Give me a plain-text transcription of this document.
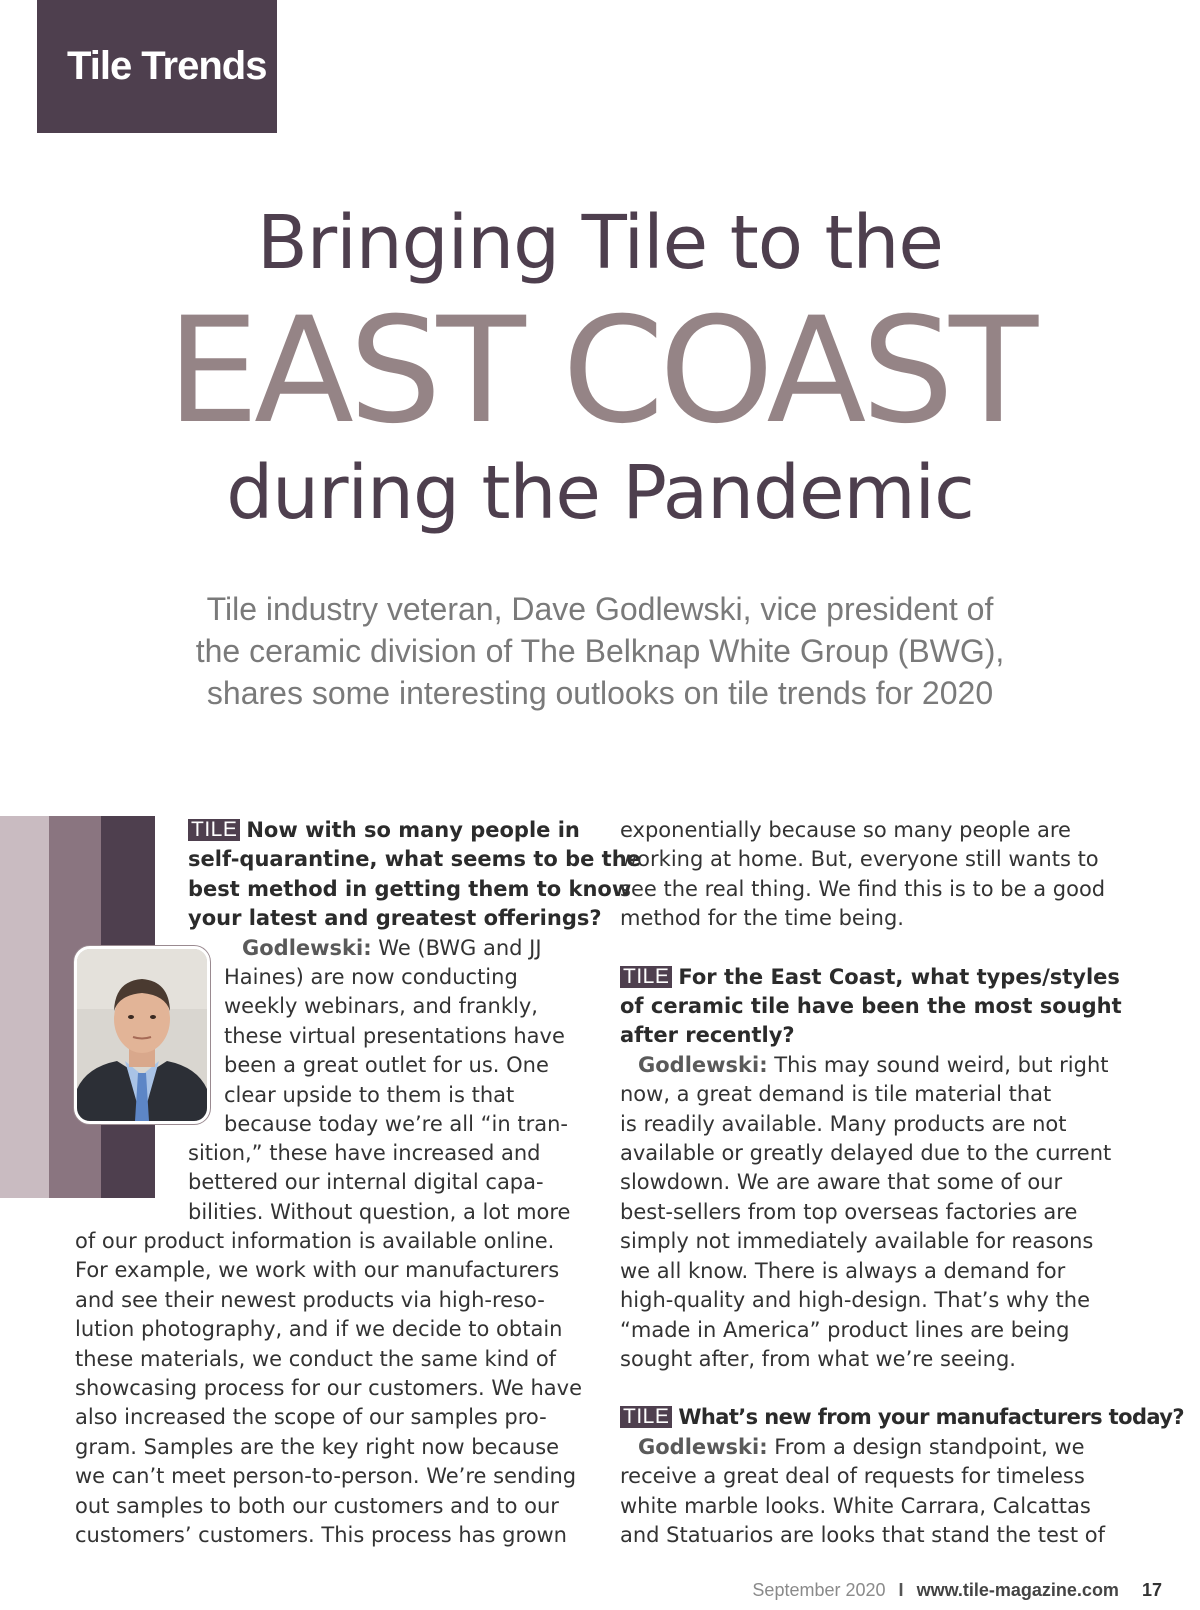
Tile Trends
Bringing Tile to the
EAST COAST
during the Pandemic
Tile industry veteran, Dave Godlewski, vice president of
the ceramic division of The Belknap White Group (BWG),
shares some interesting outlooks on tile trends for 2020

TILE Now with so many people in
self-quarantine, what seems to be the
best method in getting them to know
your latest and greatest offerings?

Godlewski: We (BWG and JJ
Haines) are now conducting
weekly webinars, and frankly,
these virtual presentations have
been a great outlet for us. One
clear upside to them is that
because today we’re all “in tran-
sition,” these have increased and
bettered our internal digital capa-
bilities. Without question, a lot more
of our product information is available online.
For example, we work with our manufacturers
and see their newest products via high-reso-
lution photography, and if we decide to obtain
these materials, we conduct the same kind of
showcasing process for our customers. We have
also increased the scope of our samples pro-
gram. Samples are the key right now because
we can’t meet person-to-person. We’re sending
out samples to both our customers and to our
customers’ customers. This process has grown

exponentially because so many people are
working at home. But, everyone still wants to
see the real thing. We find this is to be a good
method for the time being.

TILE For the East Coast, what types/styles
of ceramic tile have been the most sought
after recently?

Godlewski: This may sound weird, but right
now, a great demand is tile material that
is readily available. Many products are not
available or greatly delayed due to the current
slowdown. We are aware that some of our
best-sellers from top overseas factories are
simply not immediately available for reasons
we all know. There is always a demand for
high-quality and high-design. That’s why the
“made in America” product lines are being
sought after, from what we’re seeing.

TILE What’s new from your manufacturers today?

Godlewski: From a design standpoint, we
receive a great deal of requests for timeless
white marble looks. White Carrara, Calcattas
and Statuarios are looks that stand the test of

September 2020 I www.tile-magazine.com 17
